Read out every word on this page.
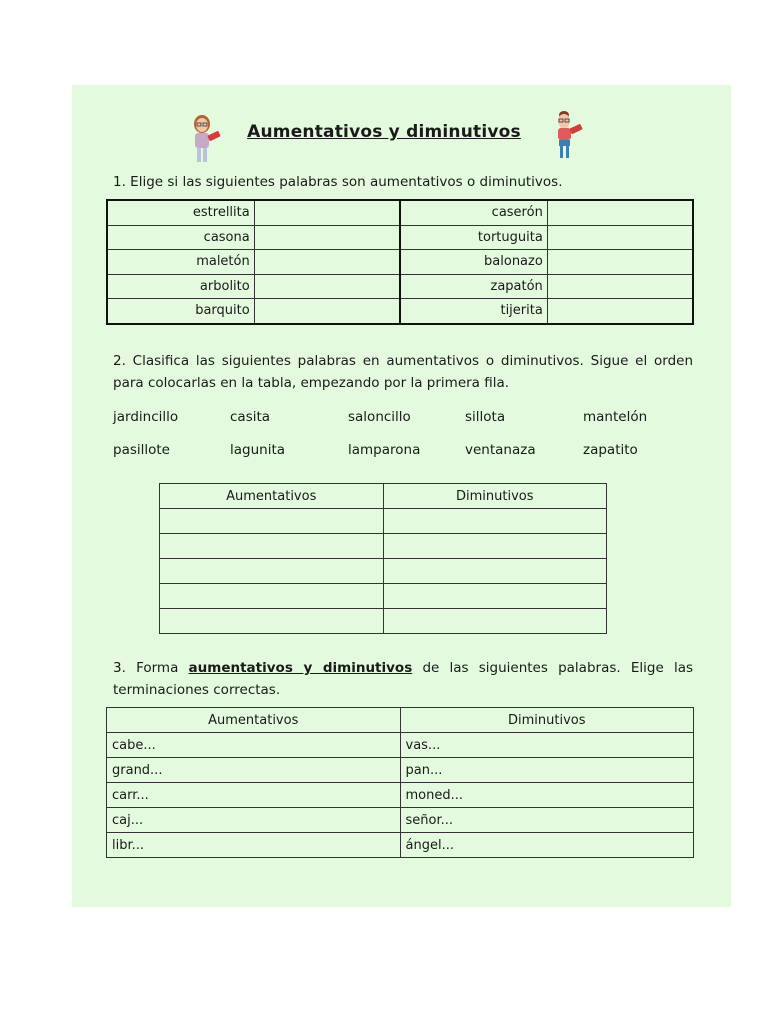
Aumentativos y diminutivos
1. Elige si las siguientes palabras son aumentativos o diminutivos.
estrellita		caserón	
casona		tortuguita	
maletón		balonazo	
arbolito		zapatón	
barquito		tijerita	
2. Clasifica las siguientes palabras en aumentativos o diminutivos. Sigue el orden para colocarlas en la tabla, empezando por la primera fila.
jardincillo	casita	saloncillo	sillota	mantelón
pasillote	lagunita	lamparona	ventanaza	zapatito
Aumentativos	Diminutivos

3. Forma aumentativos y diminutivos de las siguientes palabras. Elige las terminaciones correctas.
Aumentativos	Diminutivos
cabe...	vas...
grand...	pan...
carr...	moned...
caj...	señor...
libr...	ángel...
